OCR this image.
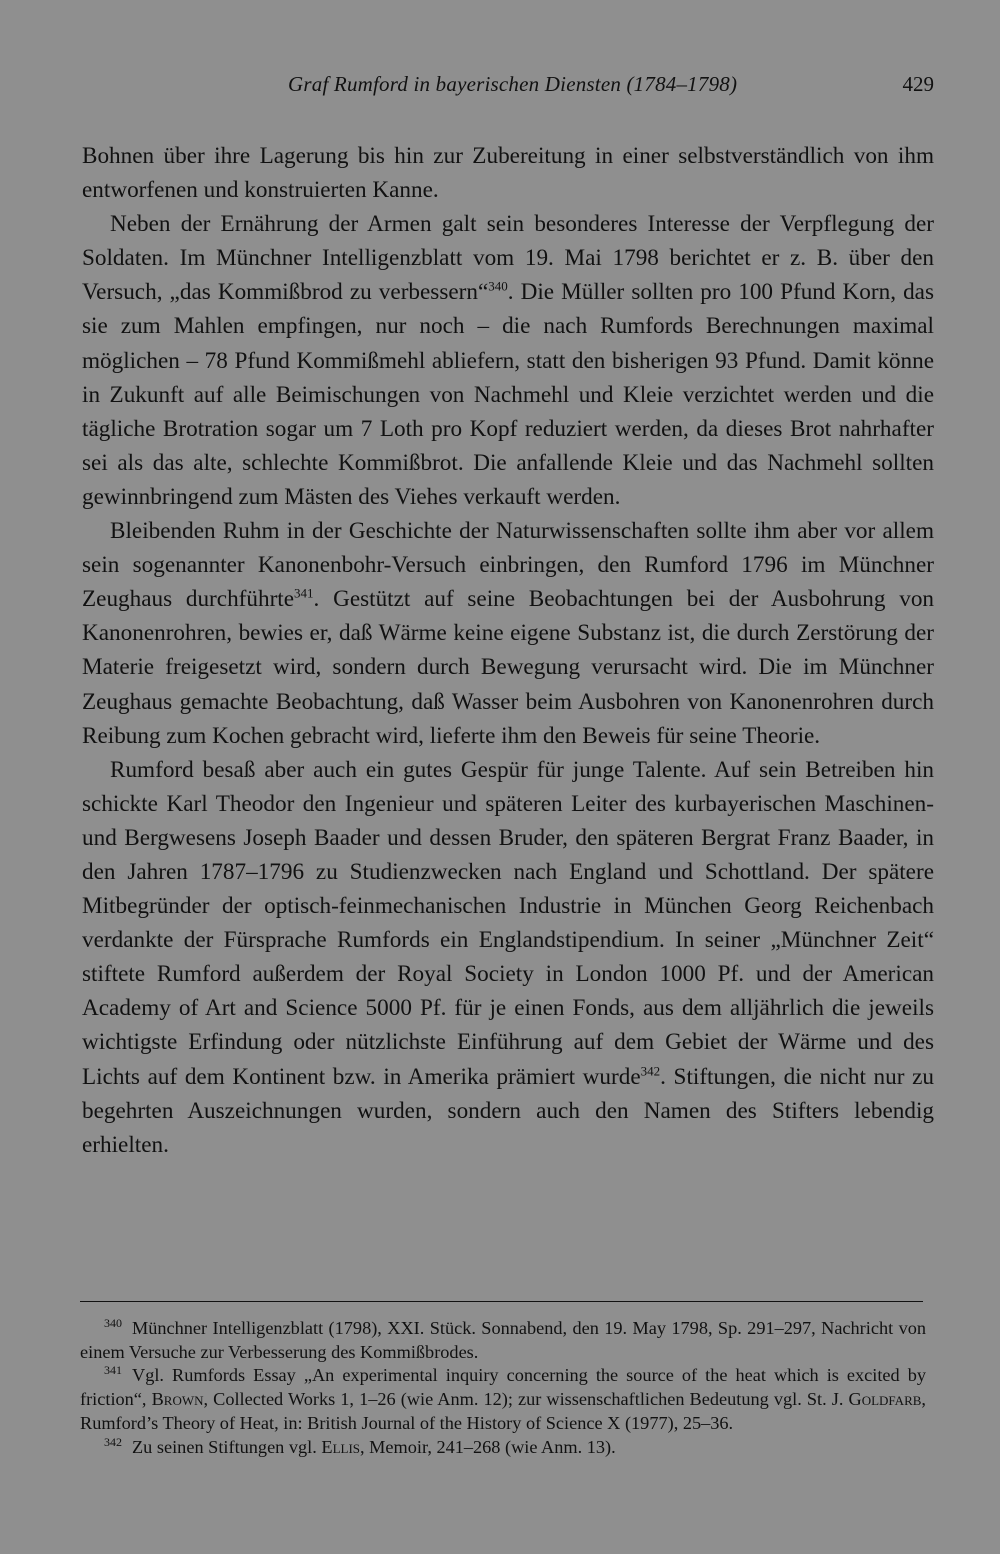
Graf Rumford in bayerischen Diensten (1784–1798)	429

Bohnen über ihre Lagerung bis hin zur Zubereitung in einer selbstverständlich von ihm entworfenen und konstruierten Kanne.

Neben der Ernährung der Armen galt sein besonderes Interesse der Verpflegung der Soldaten. Im Münchner Intelligenzblatt vom 19. Mai 1798 berichtet er z. B. über den Versuch, „das Kommißbrod zu verbessern“$^{340}$. Die Müller sollten pro 100 Pfund Korn, das sie zum Mahlen empfingen, nur noch – die nach Rumfords Berechnungen maximal möglichen – 78 Pfund Kommißmehl abliefern, statt den bisherigen 93 Pfund. Damit könne in Zukunft auf alle Beimischungen von Nachmehl und Kleie verzichtet werden und die tägliche Brotration sogar um 7 Loth pro Kopf reduziert werden, da dieses Brot nahrhafter sei als das alte, schlechte Kommißbrot. Die anfallende Kleie und das Nachmehl sollten gewinnbringend zum Mästen des Viehes verkauft werden.

Bleibenden Ruhm in der Geschichte der Naturwissenschaften sollte ihm aber vor allem sein sogenannter Kanonenbohr-Versuch einbringen, den Rumford 1796 im Münchner Zeughaus durchführte$^{341}$. Gestützt auf seine Beobachtungen bei der Ausbohrung von Kanonenrohren, bewies er, daß Wärme keine eigene Substanz ist, die durch Zerstörung der Materie freigesetzt wird, sondern durch Bewegung verursacht wird. Die im Münchner Zeughaus gemachte Beobachtung, daß Wasser beim Ausbohren von Kanonenrohren durch Reibung zum Kochen gebracht wird, lieferte ihm den Beweis für seine Theorie.

Rumford besaß aber auch ein gutes Gespür für junge Talente. Auf sein Betreiben hin schickte Karl Theodor den Ingenieur und späteren Leiter des kurbayerischen Maschinen- und Bergwesens Joseph Baader und dessen Bruder, den späteren Bergrat Franz Baader, in den Jahren 1787–1796 zu Studienzwecken nach England und Schottland. Der spätere Mitbegründer der optisch-feinmechanischen Industrie in München Georg Reichenbach verdankte der Fürsprache Rumfords ein Englandstipendium. In seiner „Münchner Zeit“ stiftete Rumford außerdem der Royal Society in London 1000 Pf. und der American Academy of Art and Science 5000 Pf. für je einen Fonds, aus dem alljährlich die jeweils wichtigste Erfindung oder nützlichste Einführung auf dem Gebiet der Wärme und des Lichts auf dem Kontinent bzw. in Amerika prämiert wurde$^{342}$. Stiftungen, die nicht nur zu begehrten Auszeichnungen wurden, sondern auch den Namen des Stifters lebendig erhielten.

$^{340}$ Münchner Intelligenzblatt (1798), XXI. Stück. Sonnabend, den 19. May 1798, Sp. 291–297, Nachricht von einem Versuche zur Verbesserung des Kommißbrodes.

$^{341}$ Vgl. Rumfords Essay „An experimental inquiry concerning the source of the heat which is excited by friction“, Brown, Collected Works 1, 1–26 (wie Anm. 12); zur wissenschaftlichen Bedeutung vgl. St. J. Goldfarb, Rumford’s Theory of Heat, in: British Journal of the History of Science X (1977), 25–36.

$^{342}$ Zu seinen Stiftungen vgl. Ellis, Memoir, 241–268 (wie Anm. 13).
